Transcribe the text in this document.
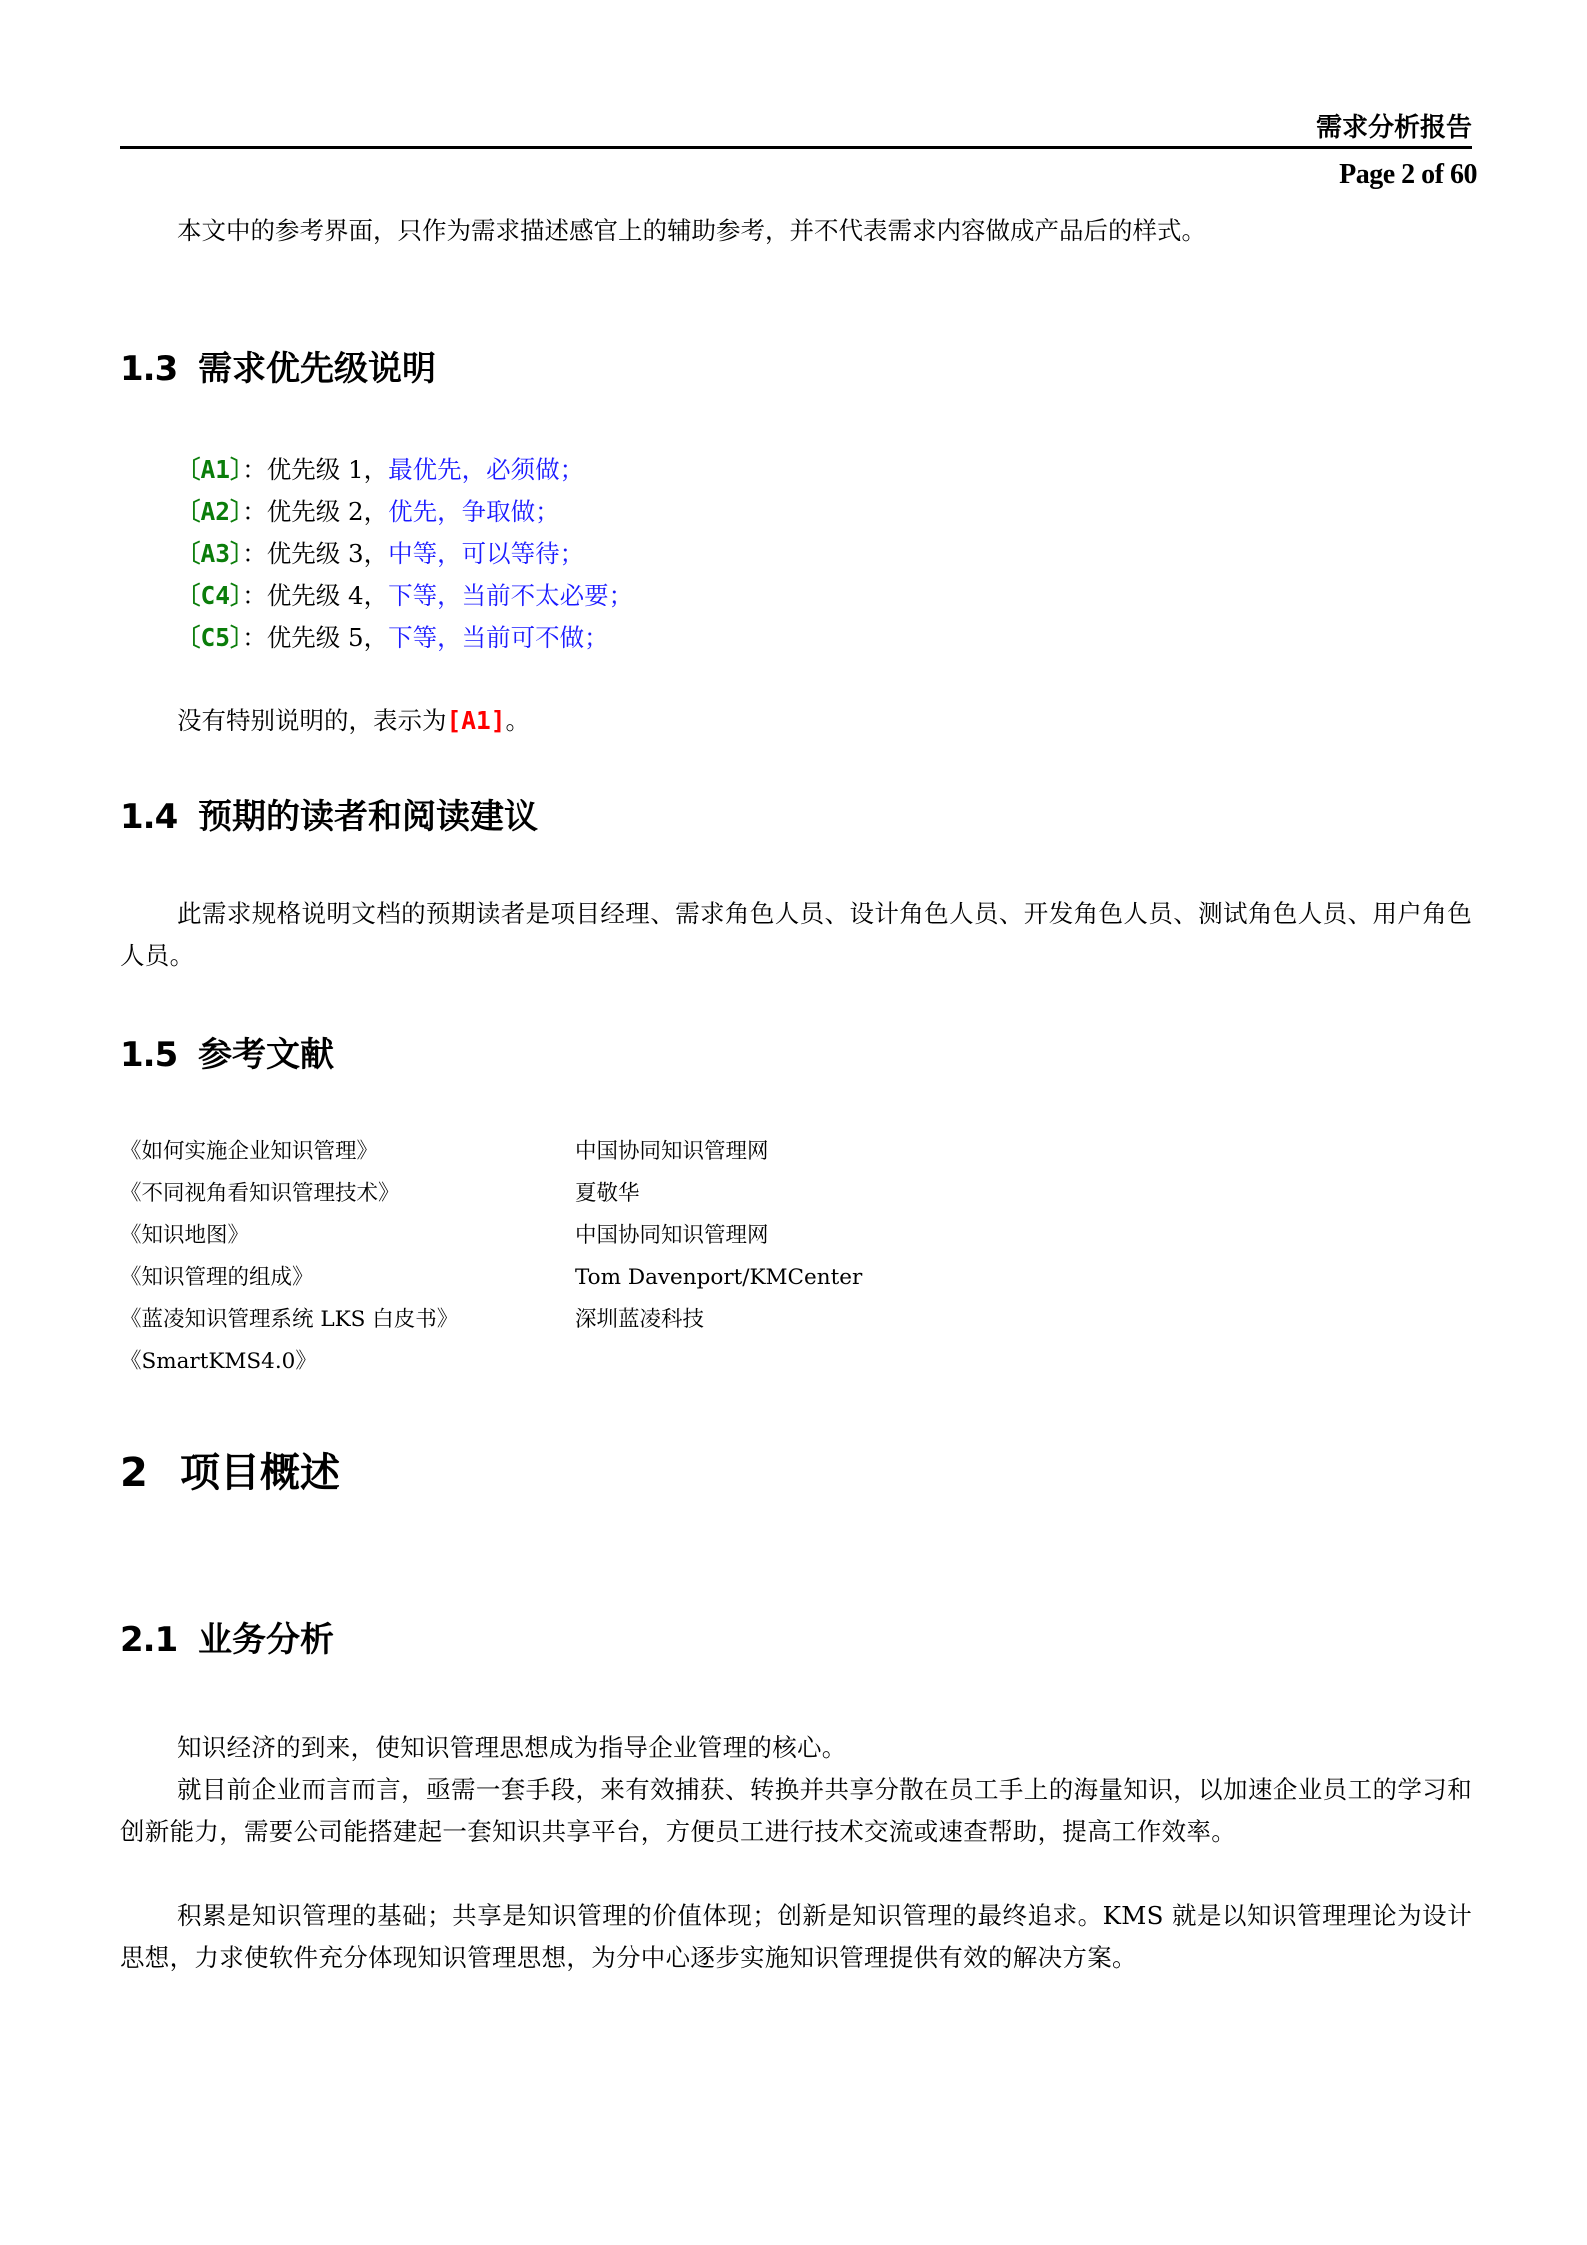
需求分析报告
Page 2 of 60
本文中的参考界面，只作为需求描述感官上的辅助参考，并不代表需求内容做成产品后的样式。
1.3 需求优先级说明
〔A1〕：优先级 1，最优先，必须做；
〔A2〕：优先级 2，优先，争取做；
〔A3〕：优先级 3，中等，可以等待；
〔C4〕：优先级 4，下等，当前不太必要；
〔C5〕：优先级 5，下等，当前可不做；
没有特别说明的，表示为[A1]。
1.4 预期的读者和阅读建议
此需求规格说明文档的预期读者是项目经理、需求角色人员、设计角色人员、开发角色人员、测试角色人员、用户角色人员。
1.5 参考文献
《如何实施企业知识管理》	中国协同知识管理网
《不同视角看知识管理技术》	夏敬华
《知识地图》	中国协同知识管理网
《知识管理的组成》	Tom Davenport/KMCenter
《蓝凌知识管理系统 LKS 白皮书》	深圳蓝凌科技
《SmartKMS4.0》
2 项目概述
2.1 业务分析
知识经济的到来，使知识管理思想成为指导企业管理的核心。
就目前企业而言而言，亟需一套手段，来有效捕获、转换并共享分散在员工手上的海量知识，以加速企业员工的学习和创新能力，需要公司能搭建起一套知识共享平台，方便员工进行技术交流或速查帮助，提高工作效率。
积累是知识管理的基础；共享是知识管理的价值体现；创新是知识管理的最终追求。KMS 就是以知识管理理论为设计思想，力求使软件充分体现知识管理思想，为分中心逐步实施知识管理提供有效的解决方案。
